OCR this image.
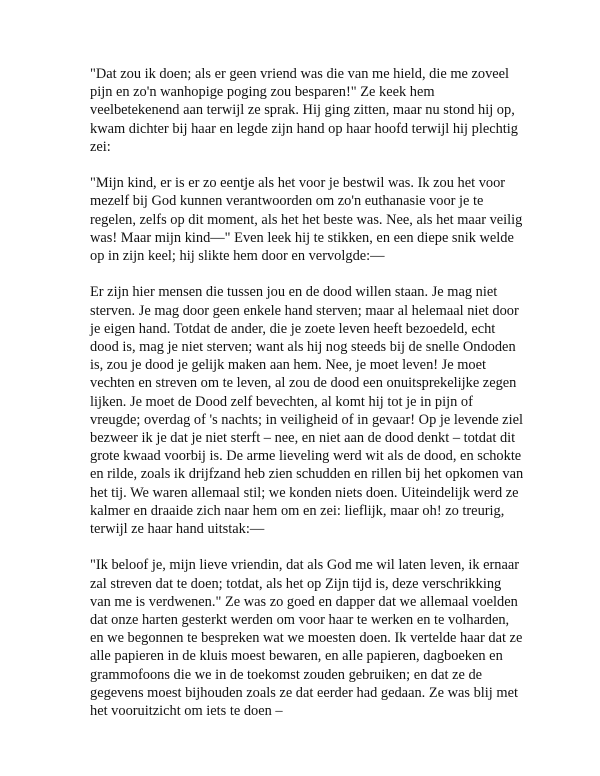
"Dat zou ik doen; als er geen vriend was die van me hield, die me zoveel pijn en zo'n wanhopige poging zou besparen!" Ze keek hem veelbetekenend aan terwijl ze sprak. Hij ging zitten, maar nu stond hij op, kwam dichter bij haar en legde zijn hand op haar hoofd terwijl hij plechtig zei:

"Mijn kind, er is er zo eentje als het voor je bestwil was. Ik zou het voor mezelf bij God kunnen verantwoorden om zo'n euthanasie voor je te regelen, zelfs op dit moment, als het het beste was. Nee, als het maar veilig was! Maar mijn kind—" Even leek hij te stikken, en een diepe snik welde op in zijn keel; hij slikte hem door en vervolgde:—

Er zijn hier mensen die tussen jou en de dood willen staan. Je mag niet sterven. Je mag door geen enkele hand sterven; maar al helemaal niet door je eigen hand. Totdat de ander, die je zoete leven heeft bezoedeld, echt dood is, mag je niet sterven; want als hij nog steeds bij de snelle Ondoden is, zou je dood je gelijk maken aan hem. Nee, je moet leven! Je moet vechten en streven om te leven, al zou de dood een onuitsprekelijke zegen lijken. Je moet de Dood zelf bevechten, al komt hij tot je in pijn of vreugde; overdag of 's nachts; in veiligheid of in gevaar! Op je levende ziel bezweer ik je dat je niet sterft – nee, en niet aan de dood denkt – totdat dit grote kwaad voorbij is. De arme lieveling werd wit als de dood, en schokte en rilde, zoals ik drijfzand heb zien schudden en rillen bij het opkomen van het tij. We waren allemaal stil; we konden niets doen. Uiteindelijk werd ze kalmer en draaide zich naar hem om en zei: lieflijk, maar oh! zo treurig, terwijl ze haar hand uitstak:—

"Ik beloof je, mijn lieve vriendin, dat als God me wil laten leven, ik ernaar zal streven dat te doen; totdat, als het op Zijn tijd is, deze verschrikking van me is verdwenen." Ze was zo goed en dapper dat we allemaal voelden dat onze harten gesterkt werden om voor haar te werken en te volharden, en we begonnen te bespreken wat we moesten doen. Ik vertelde haar dat ze alle papieren in de kluis moest bewaren, en alle papieren, dagboeken en grammofoons die we in de toekomst zouden gebruiken; en dat ze de gegevens moest bijhouden zoals ze dat eerder had gedaan. Ze was blij met het vooruitzicht om iets te doen –
